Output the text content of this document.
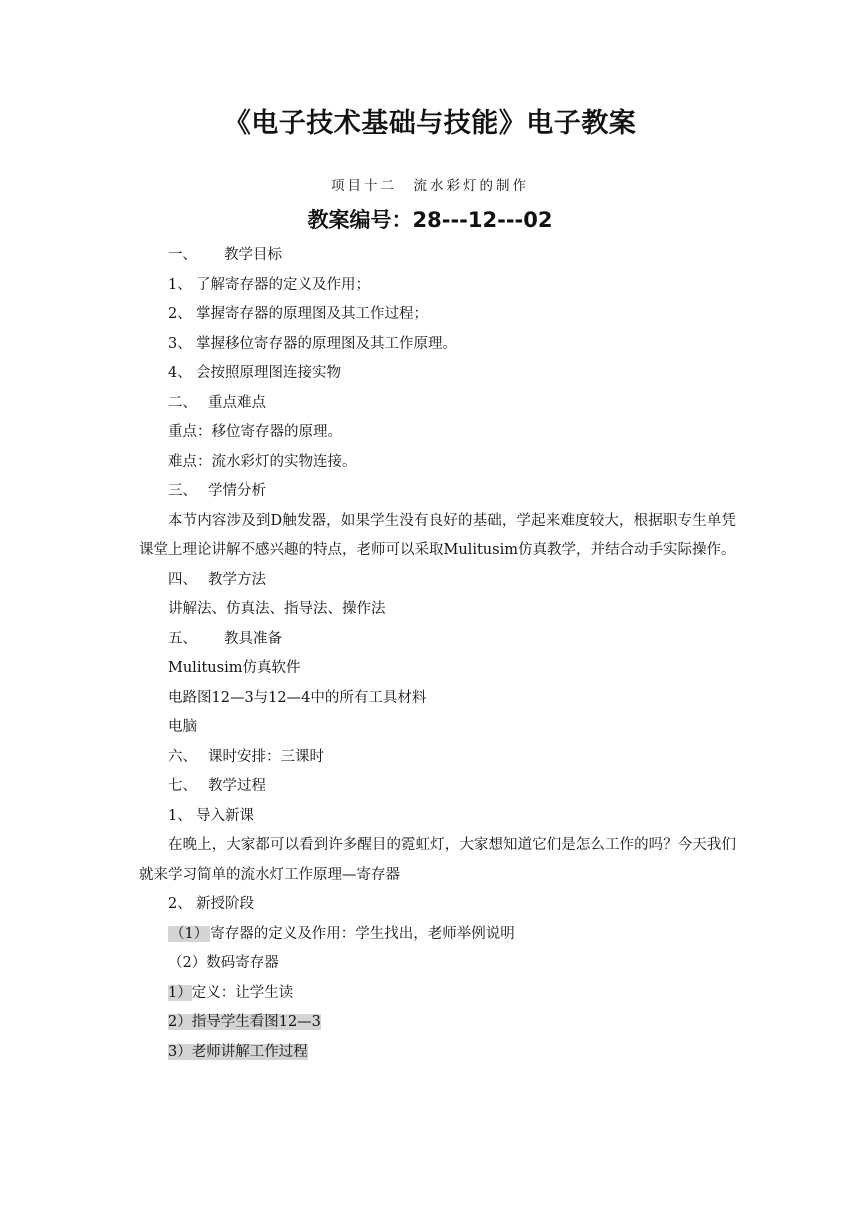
《电子技术基础与技能》电子教案
项目十二　流水彩灯的制作
教案编号：28---12---02
一、 教学目标
1、 了解寄存器的定义及作用；
2、 掌握寄存器的原理图及其工作过程；
3、 掌握移位寄存器的原理图及其工作原理。
4、 会按照原理图连接实物
二、 重点难点
重点：移位寄存器的原理。
难点：流水彩灯的实物连接。
三、 学情分析
本节内容涉及到D触发器，如果学生没有良好的基础，学起来难度较大，根据职专生单凭课堂上理论讲解不感兴趣的特点，老师可以采取Mulitusim仿真教学，并结合动手实际操作。
四、 教学方法
讲解法、仿真法、指导法、操作法
五、 教具准备
Mulitusim仿真软件
电路图12—3与12—4中的所有工具材料
电脑
六、 课时安排：三课时
七、 教学过程
1、 导入新课
在晚上，大家都可以看到许多醒目的霓虹灯，大家想知道它们是怎么工作的吗？今天我们就来学习简单的流水灯工作原理—寄存器
2、 新授阶段
（1） 寄存器的定义及作用：学生找出，老师举例说明
（2）数码寄存器
1）定义：让学生读
2）指导学生看图12—3
3）老师讲解工作过程
